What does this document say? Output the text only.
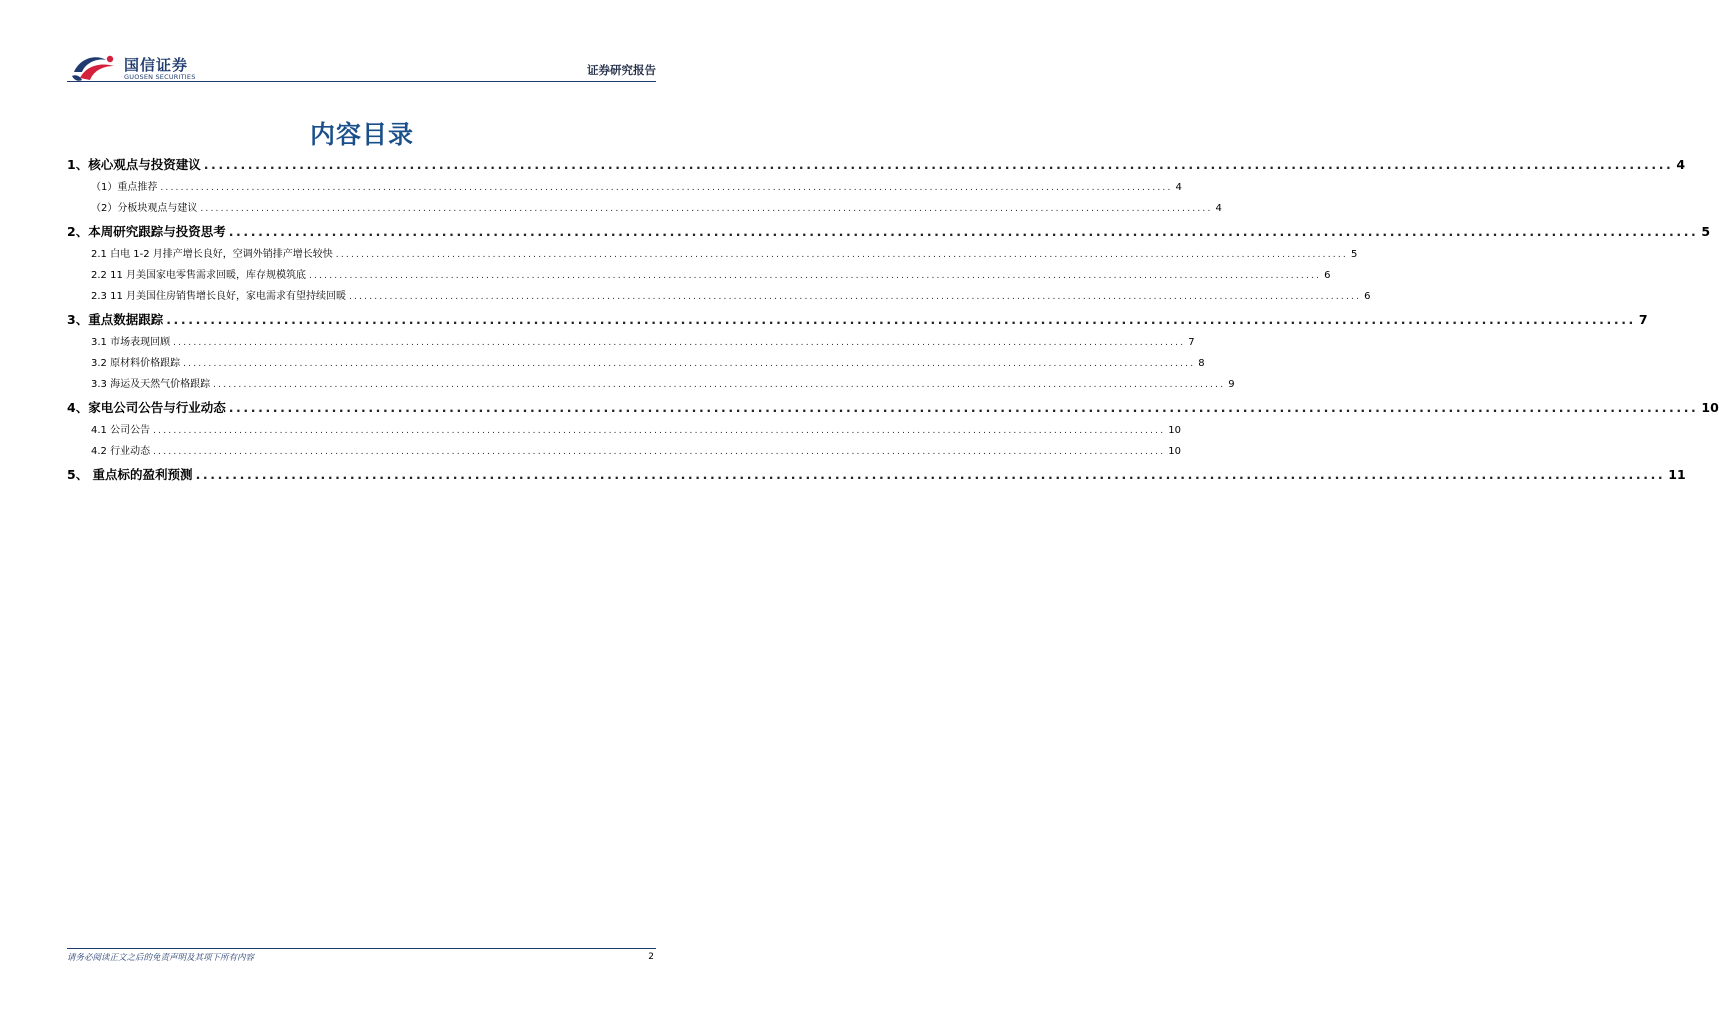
国信证券
GUOSEN SECURITIES	证券研究报告
内容目录
1、核心观点与投资建议 ........................................................................................................................................................................................................ 4
（1）重点推荐 ........................................................................................................................................................................................................ 4
（2）分板块观点与建议 ........................................................................................................................................................................................................ 4
2、本周研究跟踪与投资思考 ........................................................................................................................................................................................................ 5
2.1 白电 1-2 月排产增长良好，空调外销排产增长较快 ........................................................................................................................................................................................................ 5
2.2 11 月美国家电零售需求回暖，库存规模筑底 ........................................................................................................................................................................................................ 6
2.3 11 月美国住房销售增长良好，家电需求有望持续回暖 ........................................................................................................................................................................................................ 6
3、重点数据跟踪 ........................................................................................................................................................................................................ 7
3.1 市场表现回顾 ........................................................................................................................................................................................................ 7
3.2 原材料价格跟踪 ........................................................................................................................................................................................................ 8
3.3 海运及天然气价格跟踪 ........................................................................................................................................................................................................ 9
4、家电公司公告与行业动态 ........................................................................................................................................................................................................ 10
4.1 公司公告 ........................................................................................................................................................................................................ 10
4.2 行业动态 ........................................................................................................................................................................................................ 10
5、 重点标的盈利预测 ........................................................................................................................................................................................................ 11
请务必阅读正文之后的免责声明及其项下所有内容	2
